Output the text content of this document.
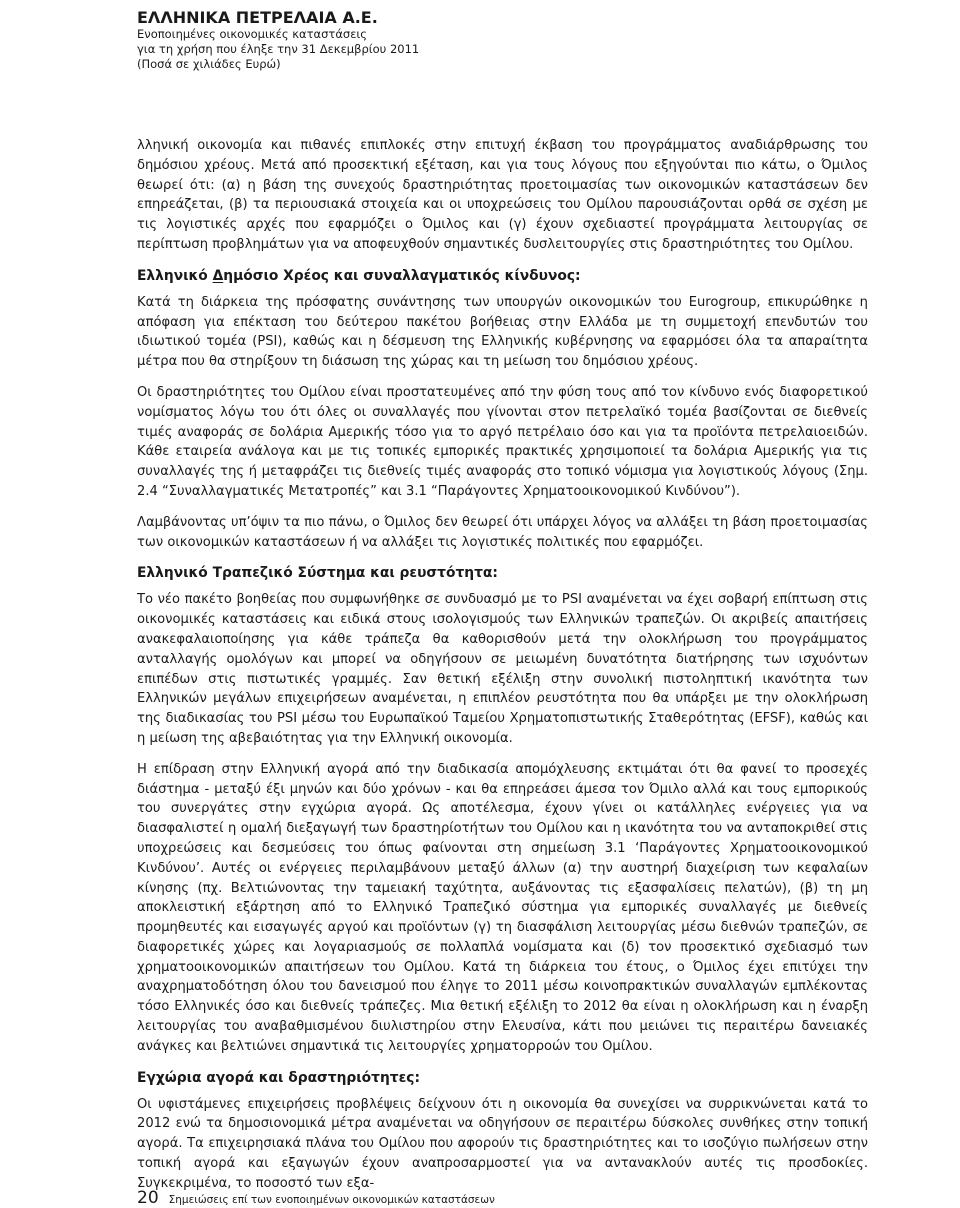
ΕΛΛΗΝΙΚΑ ΠΕΤΡΕΛΑΙΑ Α.Ε.
Ενοποιημένες οικονομικές καταστάσεις
για τη χρήση που έληξε την 31 Δεκεμβρίου 2011
(Ποσά σε χιλιάδες Ευρώ)

λληνική οικονομία και πιθανές επιπλοκές στην επιτυχή έκβαση του προγράμματος αναδιάρθρωσης του δημόσιου χρέους. Μετά από προσεκτική εξέταση, και για τους λόγους που εξηγούνται πιο κάτω, ο Όμιλος θεωρεί ότι: (α) η βάση της συνεχούς δραστηριότητας προετοιμασίας των οικονομικών καταστάσεων δεν επηρεάζεται, (β) τα περιουσιακά στοιχεία και οι υποχρεώσεις του Ομίλου παρουσιάζονται ορθά σε σχέση με τις λογιστικές αρχές που εφαρμόζει ο Όμιλος και (γ) έχουν σχεδιαστεί προγράμματα λειτουργίας σε περίπτωση προβλημάτων για να αποφευχθούν σημαντικές δυσλειτουργίες στις δραστηριότητες του Ομίλου.

Ελληνικό Δημόσιο Χρέος και συναλλαγματικός κίνδυνος:

Κατά τη διάρκεια της πρόσφατης συνάντησης των υπουργών οικονομικών του Eurogroup, επικυρώθηκε η απόφαση για επέκταση του δεύτερου πακέτου βοήθειας στην Ελλάδα με τη συμμετοχή επενδυτών του ιδιωτικού τομέα (PSI), καθώς και η δέσμευση της Ελληνικής κυβέρνησης να εφαρμόσει όλα τα απαραίτητα μέτρα που θα στηρίξουν τη διάσωση της χώρας και τη μείωση του δημόσιου χρέους.

Οι δραστηριότητες του Ομίλου είναι προστατευμένες από την φύση τους από τον κίνδυνο ενός διαφορετικού νομίσματος λόγω του ότι όλες οι συναλλαγές που γίνονται στον πετρελαϊκό τομέα βασίζονται σε διεθνείς τιμές αναφοράς σε δολάρια Αμερικής τόσο για το αργό πετρέλαιο όσο και για τα προϊόντα πετρελαιοειδών. Κάθε εταιρεία ανάλογα και με τις τοπικές εμπορικές πρακτικές χρησιμοποιεί τα δολάρια Αμερικής για τις συναλλαγές της ή μεταφράζει τις διεθνείς τιμές αναφοράς στο τοπικό νόμισμα για λογιστικούς λόγους (Σημ. 2.4 “Συναλλαγματικές Μετατροπές” και 3.1 “Παράγοντες Χρηματοοικονομικού Κινδύνου”).

Λαμβάνοντας υπ’όψιν τα πιο πάνω, ο Όμιλος δεν θεωρεί ότι υπάρχει λόγος να αλλάξει τη βάση προετοιμασίας των οικονομικών καταστάσεων ή να αλλάξει τις λογιστικές πολιτικές που εφαρμόζει.

Ελληνικό Τραπεζικό Σύστημα και ρευστότητα:

Το νέο πακέτο βοηθείας που συμφωνήθηκε σε συνδυασμό με το PSI αναμένεται να έχει σοβαρή επίπτωση στις οικονομικές καταστάσεις και ειδικά στους ισολογισμούς των Ελληνικών τραπεζών. Οι ακριβείς απαιτήσεις ανακεφαλαιοποίησης για κάθε τράπεζα θα καθορισθούν μετά την ολοκλήρωση του προγράμματος ανταλλαγής ομολόγων και μπορεί να οδηγήσουν σε μειωμένη δυνατότητα διατήρησης των ισχυόντων επιπέδων στις πιστωτικές γραμμές. Σαν θετική εξέλιξη στην συνολική πιστοληπτική ικανότητα των Ελληνικών μεγάλων επιχειρήσεων αναμένεται, η επιπλέον ρευστότητα που θα υπάρξει με την ολοκλήρωση της διαδικασίας του PSI μέσω του Ευρωπαϊκού Ταμείου Χρηματοπιστωτικής Σταθερότητας (EFSF), καθώς και η μείωση της αβεβαιότητας για την Ελληνική οικονομία.

Η επίδραση στην Ελληνική αγορά από την διαδικασία απομόχλευσης εκτιμάται ότι θα φανεί το προσεχές διάστημα - μεταξύ έξι μηνών και δύο χρόνων - και θα επηρεάσει άμεσα τον Όμιλο αλλά και τους εμπορικούς του συνεργάτες στην εγχώρια αγορά. Ως αποτέλεσμα, έχουν γίνει οι κατάλληλες ενέργειες για να διασφαλιστεί η ομαλή διεξαγωγή των δραστηρίοτήτων του Ομίλου και η ικανότητα του να ανταποκριθεί στις υποχρεώσεις και δεσμεύσεις του όπως φαίνονται στη σημείωση 3.1 ‘Παράγοντες Χρηματοοικονομικού Κινδύνου’. Αυτές οι ενέργειες περιλαμβάνουν μεταξύ άλλων (α) την αυστηρή διαχείριση των κεφαλαίων κίνησης (πχ. Βελτιώνοντας την ταμειακή ταχύτητα, αυξάνοντας τις εξασφαλίσεις πελατών), (β) τη μη αποκλειστική εξάρτηση από το Ελληνικό Τραπεζικό σύστημα για εμπορικές συναλλαγές με διεθνείς προμηθευτές και εισαγωγές αργού και προϊόντων (γ) τη διασφάλιση λειτουργίας μέσω διεθνών τραπεζών, σε διαφορετικές χώρες και λογαριασμούς σε πολλαπλά νομίσματα και (δ) τον προσεκτικό σχεδιασμό των χρηματοοικονομικών απαιτήσεων του Ομίλου. Κατά τη διάρκεια του έτους, ο Όμιλος έχει επιτύχει την αναχρηματοδότηση όλου του δανεισμού που έληγε το 2011 μέσω κοινοπρακτικών συναλλαγών εμπλέκοντας τόσο Ελληνικές όσο και διεθνείς τράπεζες. Μια θετική εξέλιξη το 2012 θα είναι η ολοκλήρωση και η έναρξη λειτουργίας του αναβαθμισμένου διυλιστηρίου στην Ελευσίνα, κάτι που μειώνει τις περαιτέρω δανειακές ανάγκες και βελτιώνει σημαντικά τις λειτουργίες χρηματορροών του Ομίλου.

Εγχώρια αγορά και δραστηριότητες:

Οι υφιστάμενες επιχειρήσεις προβλέψεις δείχνουν ότι η οικονομία θα συνεχίσει να συρρικνώνεται κατά το 2012 ενώ τα δημοσιονομικά μέτρα αναμένεται να οδηγήσουν σε περαιτέρω δύσκολες συνθήκες στην τοπική αγορά. Τα επιχειρησιακά πλάνα του Ομίλου που αφορούν τις δραστηριότητες και το ισοζύγιο πωλήσεων στην τοπική αγορά και εξαγωγών έχουν αναπροσαρμοστεί για να αντανακλούν αυτές τις προσδοκίες. Συγκεκριμένα, το ποσοστό των εξα-

20 Σημειώσεις επί των ενοποιημένων οικονομικών καταστάσεων
